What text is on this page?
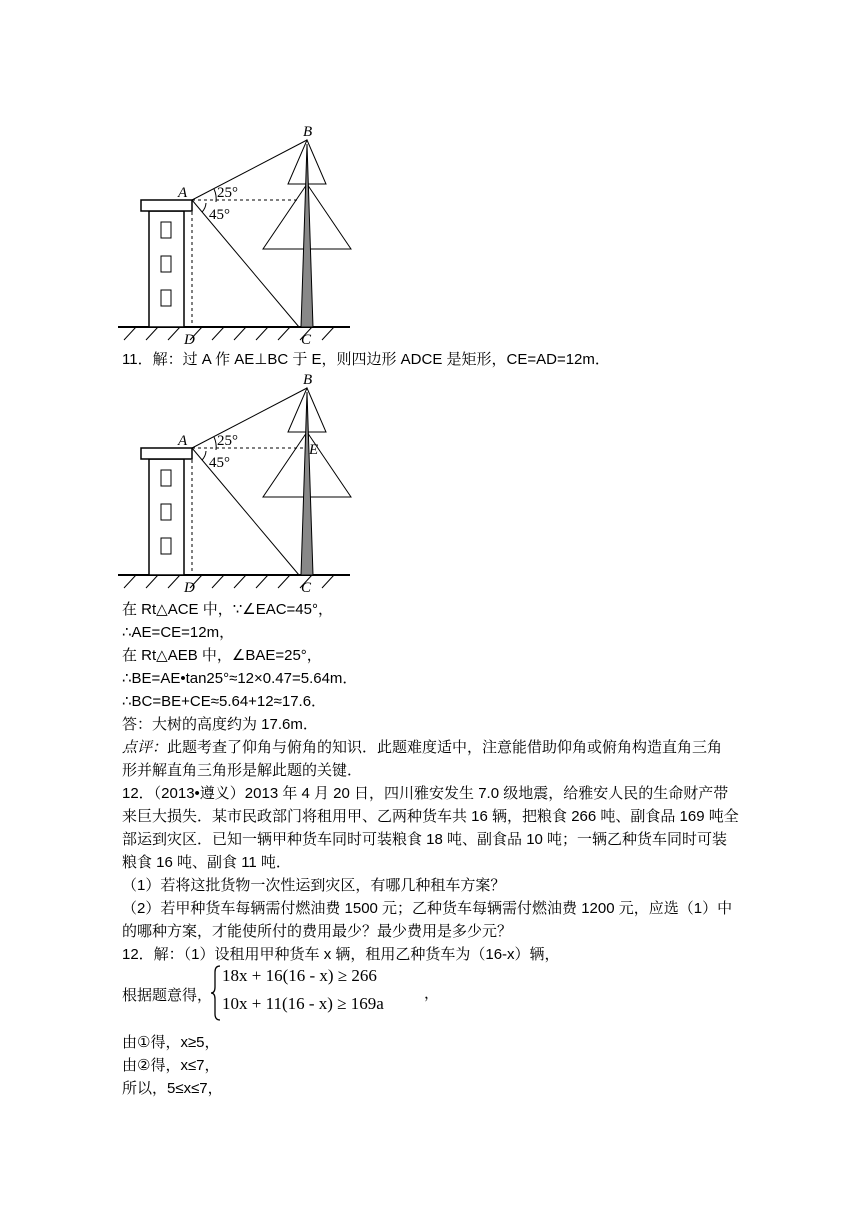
A
B
C
D
25°
45°
11．解：过 A 作 AE⊥BC 于 E，则四边形 ADCE 是矩形，CE=AD=12m．
A
B
C
D
E
25°
45°
在 Rt△ACE 中，∵∠EAC=45°，
∴AE=CE=12m，
在 Rt△AEB 中，∠BAE=25°，
∴BE=AE•tan25°≈12×0.47=5.64m．
∴BC=BE+CE≈5.64+12≈17.6．
答：大树的高度约为 17.6m．
点评：此题考查了仰角与俯角的知识．此题难度适中，注意能借助仰角或俯角构造直角三角
形并解直角三角形是解此题的关键．
12．（2013•遵义）2013 年 4 月 20 日，四川雅安发生 7.0 级地震，给雅安人民的生命财产带
来巨大损失．某市民政部门将租用甲、乙两种货车共 16 辆，把粮食 266 吨、副食品 169 吨全
部运到灾区．已知一辆甲种货车同时可装粮食 18 吨、副食品 10 吨；一辆乙种货车同时可装
粮食 16 吨、副食 11 吨．
（1）若将这批货物一次性运到灾区，有哪几种租车方案？
（2）若甲种货车每辆需付燃油费 1500 元；乙种货车每辆需付燃油费 1200 元，应选（1）中
的哪种方案，才能使所付的费用最少？最少费用是多少元？
12．解：（1）设租用甲种货车 x 辆，租用乙种货车为（16-x）辆，
根据题意得，
18x + 16(16 - x) ≥ 266
10x + 11(16 - x) ≥ 169a
，
由①得，x≥5，
由②得，x≤7，
所以，5≤x≤7，
